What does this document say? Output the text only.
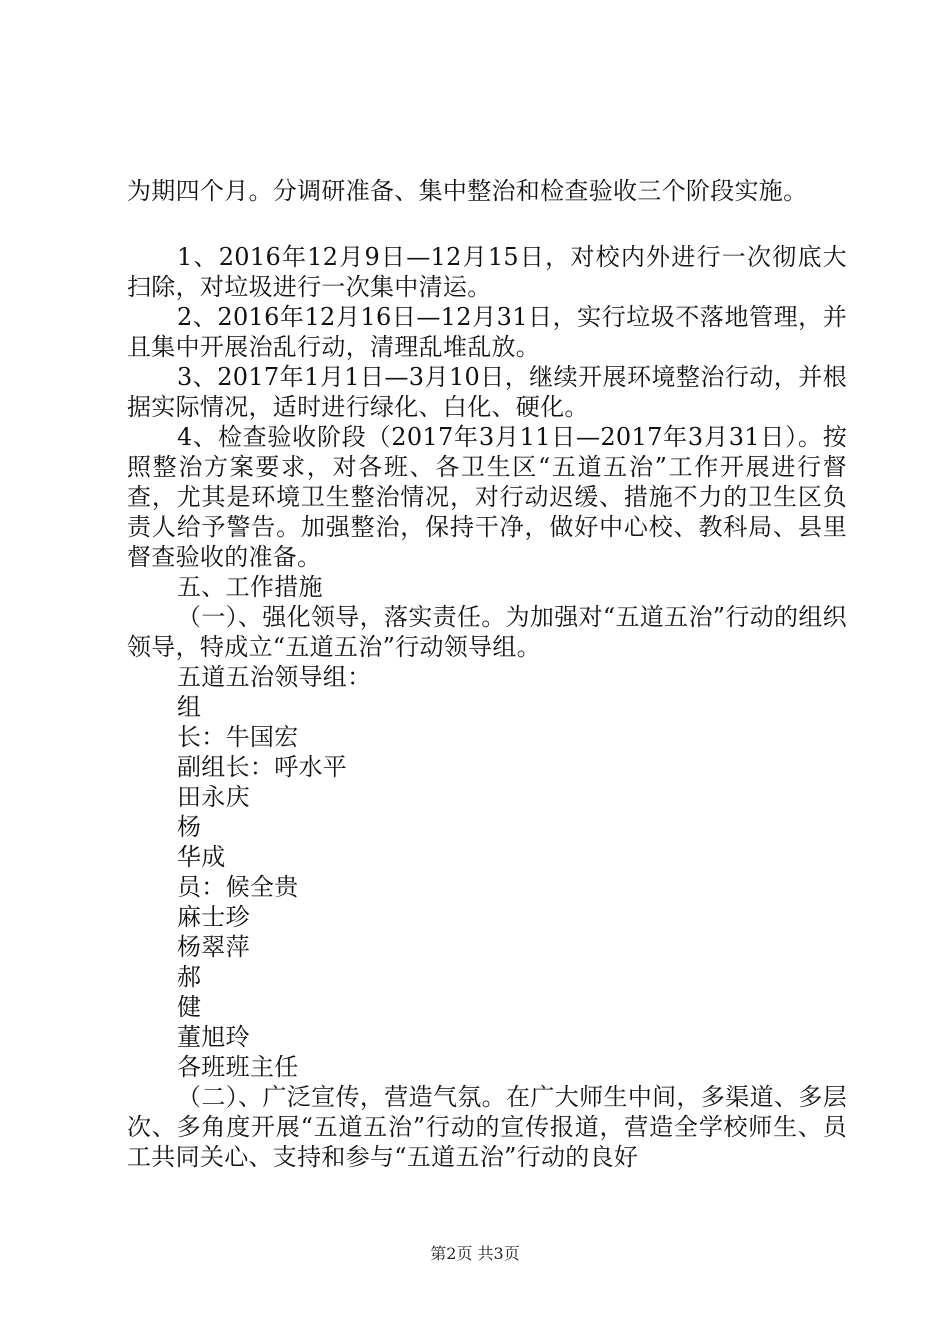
为期四个月。分调研准备、集中整治和检查验收三个阶段实施。

1、2016年12月9日—12月15日，对校内外进行一次彻底大扫除，对垃圾进行一次集中清运。

2、2016年12月16日—12月31日，实行垃圾不落地管理，并且集中开展治乱行动，清理乱堆乱放。

3、2017年1月1日—3月10日，继续开展环境整治行动，并根据实际情况，适时进行绿化、白化、硬化。

4、检查验收阶段（2017年3月11日—2017年3月31日）。按照整治方案要求，对各班、各卫生区“五道五治”工作开展进行督查，尤其是环境卫生整治情况，对行动迟缓、措施不力的卫生区负责人给予警告。加强整治，保持干净，做好中心校、教科局、县里督查验收的准备。

五、工作措施

（一）、强化领导，落实责任。为加强对“五道五治”行动的组织领导，特成立“五道五治”行动领导组。

五道五治领导组：

组

长：牛国宏

副组长：呼水平

田永庆

杨

华成

员：候全贵

麻士珍

杨翠萍

郝

健

董旭玲

各班班主任

（二）、广泛宣传，营造气氛。在广大师生中间，多渠道、多层次、多角度开展“五道五治”行动的宣传报道，营造全学校师生、员工共同关心、支持和参与“五道五治”行动的良好

第2页 共3页
